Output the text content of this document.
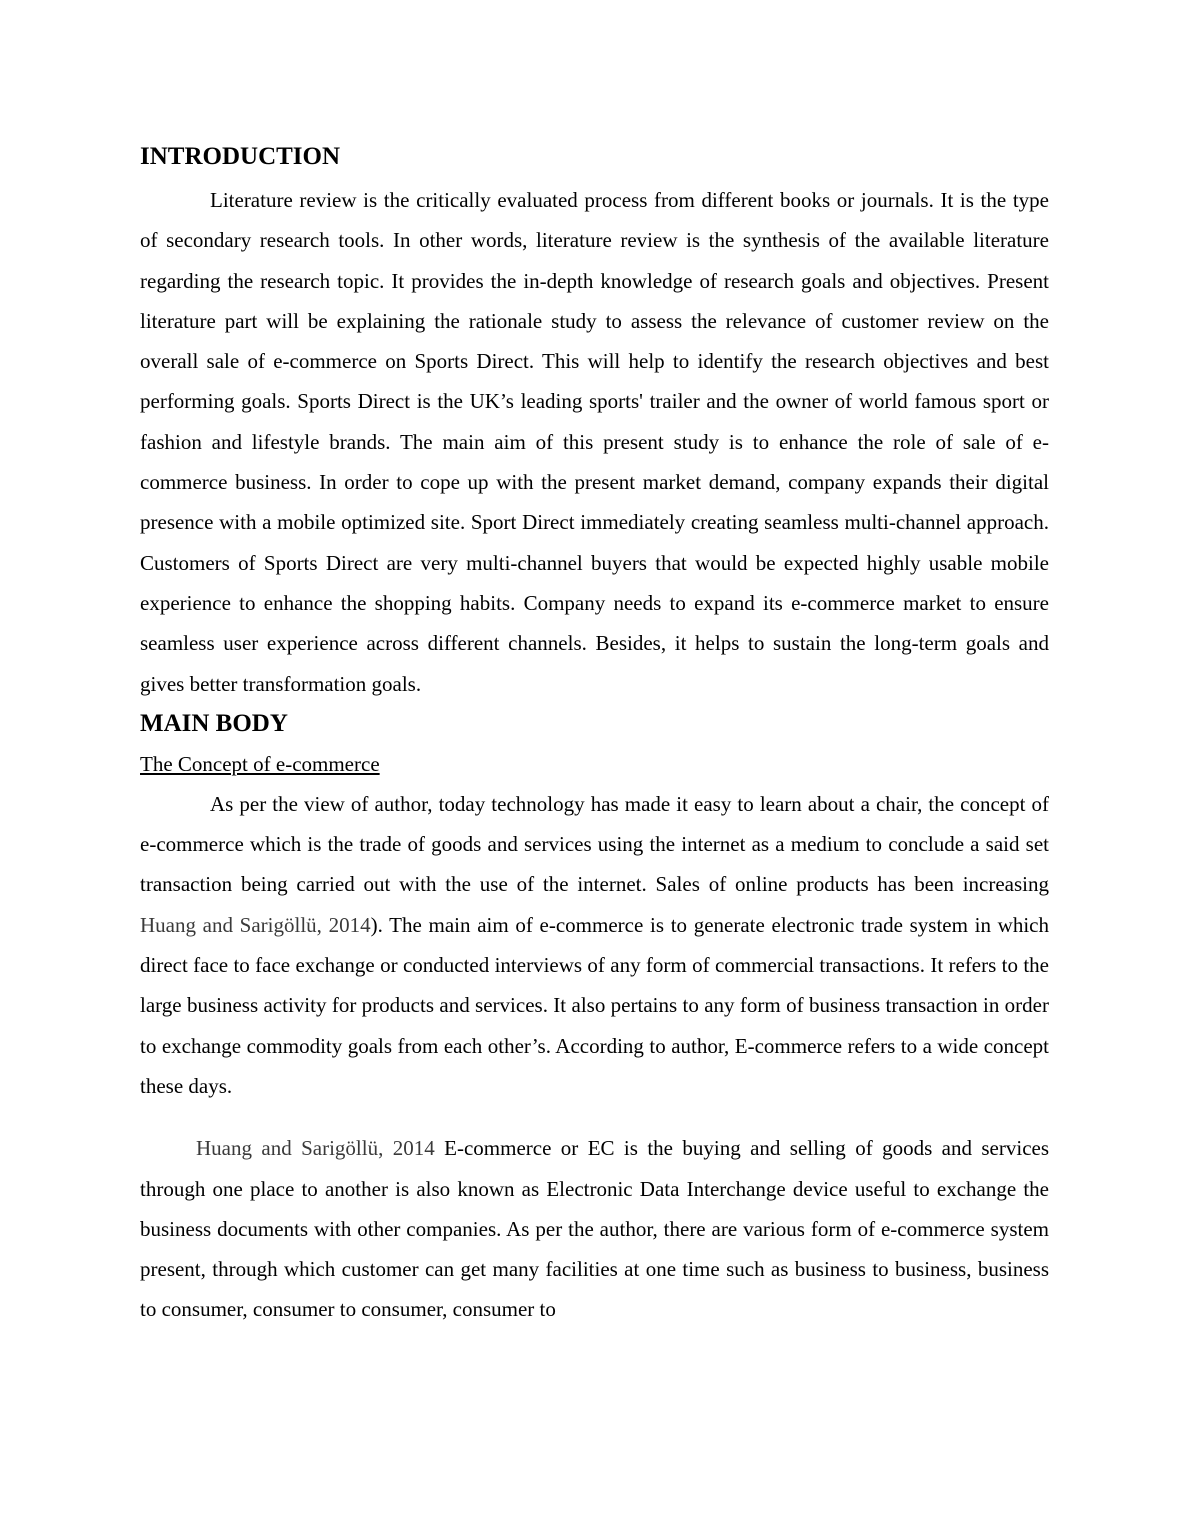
INTRODUCTION

Literature review is the critically evaluated process from different books or journals. It is the type of secondary research tools. In other words, literature review is the synthesis of the available literature regarding the research topic. It provides the in-depth knowledge of research goals and objectives. Present literature part will be explaining the rationale study to assess the relevance of customer review on the overall sale of e-commerce on Sports Direct. This will help to identify the research objectives and best performing goals. Sports Direct is the UK’s leading sports' trailer and the owner of world famous sport or fashion and lifestyle brands. The main aim of this present study is to enhance the role of sale of e-commerce business. In order to cope up with the present market demand, company expands their digital presence with a mobile optimized site. Sport Direct immediately creating seamless multi-channel approach. Customers of Sports Direct are very multi-channel buyers that would be expected highly usable mobile experience to enhance the shopping habits. Company needs to expand its e-commerce market to ensure seamless user experience across different channels. Besides, it helps to sustain the long-term goals and gives better transformation goals.

MAIN BODY
The Concept of e-commerce

As per the view of author, today technology has made it easy to learn about a chair, the concept of e-commerce which is the trade of goods and services using the internet as a medium to conclude a said set transaction being carried out with the use of the internet. Sales of online products has been increasing Huang and Sarigöllü, 2014). The main aim of e-commerce is to generate electronic trade system in which direct face to face exchange or conducted interviews of any form of commercial transactions. It refers to the large business activity for products and services. It also pertains to any form of business transaction in order to exchange commodity goals from each other’s. According to author, E-commerce refers to a wide concept these days.

Huang and Sarigöllü, 2014 E-commerce or EC is the buying and selling of goods and services through one place to another is also known as Electronic Data Interchange device useful to exchange the business documents with other companies. As per the author, there are various form of e-commerce system present, through which customer can get many facilities at one time such as business to business, business to consumer, consumer to consumer, consumer to
